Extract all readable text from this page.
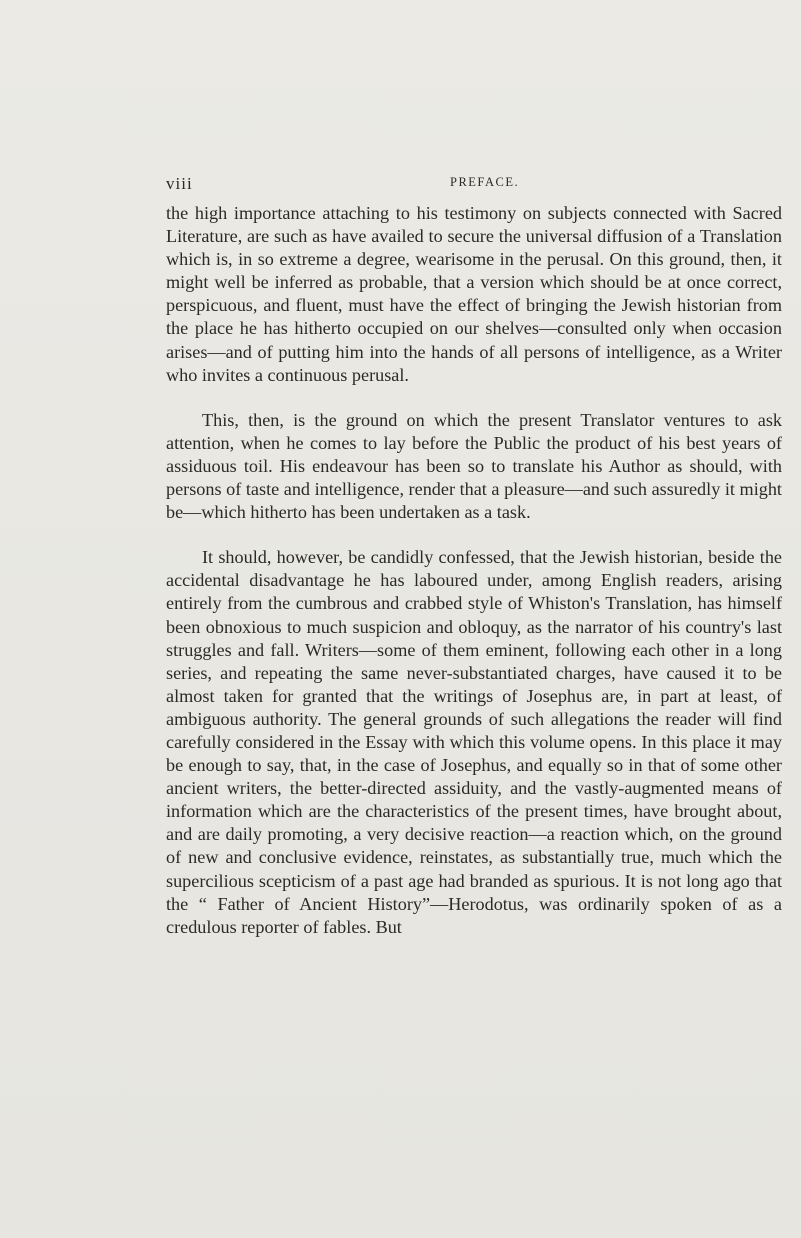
viii	PREFACE.

the high importance attaching to his testimony on subjects connected with Sacred Literature, are such as have availed to secure the universal diffusion of a Translation which is, in so extreme a degree, wearisome in the perusal. On this ground, then, it might well be inferred as probable, that a version which should be at once correct, perspicuous, and fluent, must have the effect of bringing the Jewish historian from the place he has hitherto occupied on our shelves—consulted only when occasion arises—and of putting him into the hands of all persons of intelligence, as a Writer who invites a continuous perusal.

This, then, is the ground on which the present Translator ventures to ask attention, when he comes to lay before the Public the product of his best years of assiduous toil. His endeavour has been so to translate his Author as should, with persons of taste and intelligence, render that a pleasure—and such assuredly it might be—which hitherto has been undertaken as a task.

It should, however, be candidly confessed, that the Jewish historian, beside the accidental disadvantage he has laboured under, among English readers, arising entirely from the cumbrous and crabbed style of Whiston's Translation, has himself been obnoxious to much suspicion and obloquy, as the narrator of his country's last struggles and fall. Writers—some of them eminent, following each other in a long series, and repeating the same never-substantiated charges, have caused it to be almost taken for granted that the writings of Josephus are, in part at least, of ambiguous authority. The general grounds of such allegations the reader will find carefully considered in the Essay with which this volume opens. In this place it may be enough to say, that, in the case of Josephus, and equally so in that of some other ancient writers, the better-directed assiduity, and the vastly-augmented means of information which are the characteristics of the present times, have brought about, and are daily promoting, a very decisive reaction—a reaction which, on the ground of new and conclusive evidence, reinstates, as substantially true, much which the supercilious scepticism of a past age had branded as spurious. It is not long ago that the “ Father of Ancient History”—Herodotus, was ordinarily spoken of as a credulous reporter of fables. But
